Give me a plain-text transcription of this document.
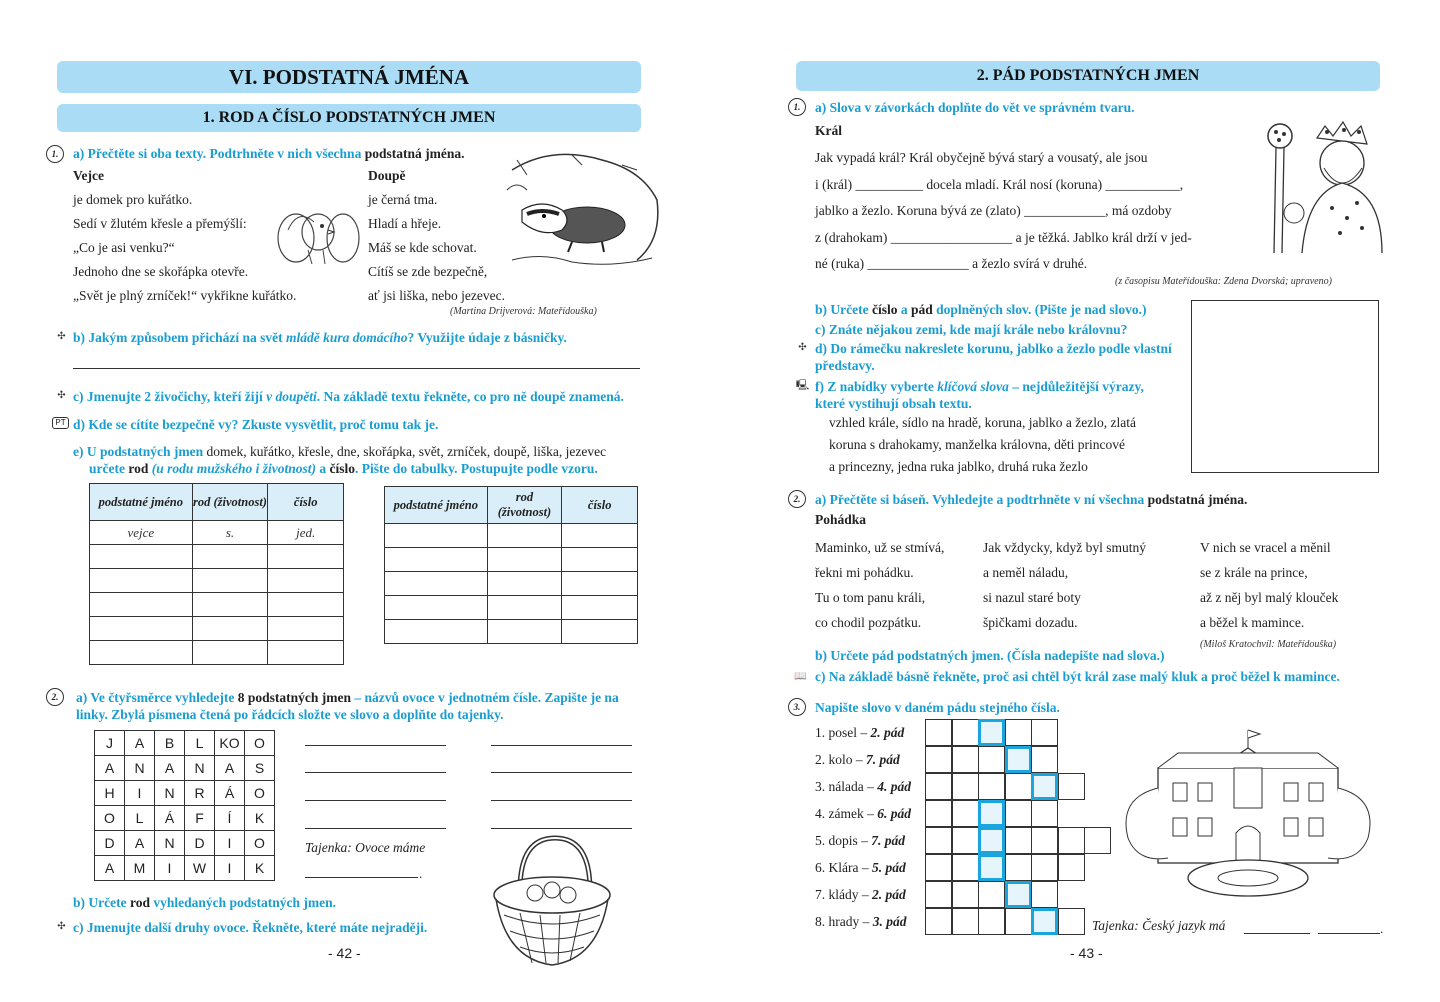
VI. PODSTATNÁ JMÉNA
1. ROD A ČÍSLO PODSTATNÝCH JMEN
1.	a) Přečtěte si oba texty. Podtrhněte v nich všechna podstatná jména.
Vejce
je domek pro kuřátko.
Sedí v žlutém křesle a přemýšlí:
„Co je asi venku?“
Jednoho dne se skořápka otevře.
„Svět je plný zrníček!“ vykřikne kuřátko.
Doupě
je černá tma.
Hladí a hřeje.
Máš se kde schovat.
Cítíš se zde bezpečně,
ať jsi liška, nebo jezevec.
(Martina Drijverová: Mateřídouška)
✣ b) Jakým způsobem přichází na svět mládě kura domácího? Využijte údaje z básničky.
✣ c) Jmenujte 2 živočichy, kteří žijí v doupěti. Na základě textu řekněte, co pro ně doupě znamená.
PT d) Kde se cítíte bezpečně vy? Zkuste vysvětlit, proč tomu tak je.
e) U podstatných jmen domek, kuřátko, křesle, dne, skořápka, svět, zrníček, doupě, liška, jezevec
určete rod (u rodu mužského i životnost) a číslo. Pište do tabulky. Postupujte podle vzoru.
podstatné jméno	rod (životnost)	číslo
vejce	s.	jed.

podstatné jméno	rod (životnost)	číslo

2.	a) Ve čtyřsměrce vyhledejte 8 podstatných jmen – názvů ovoce v jednotném čísle. Zapište je na linky. Zbylá písmena čtená po řádcích složte ve slovo a doplňte do tajenky.
J	A	B	L	KO	O
A	N	A	N	A	S
H	I	N	R	Á	O
O	L	Á	F	Í	K
D	A	N	D	I	O
A	M	I	W	I	K
Tajenka: Ovoce máme
.
b) Určete rod vyhledaných podstatných jmen.
✣ c) Jmenujte další druhy ovoce. Řekněte, které máte nejraději.
- 42 -
2. PÁD PODSTATNÝCH JMEN
1.	a) Slova v závorkách doplňte do vět ve správném tvaru.
Král
Jak vypadá král? Král obyčejně bývá starý a vousatý, ale jsou
i (král) __________ docela mladí. Král nosí (koruna) ___________,
jablko a žezlo. Koruna bývá ze (zlato) ____________, má ozdoby
z (drahokam) __________________ a je těžká. Jablko král drží v jed-
né (ruka) _______________ a žezlo svírá v druhé.
(z časopisu Mateřídouška: Zdena Dvorská; upraveno)
b) Určete číslo a pád doplněných slov. (Pište je nad slovo.)
c) Znáte nějakou zemi, kde mají krále nebo královnu?
✣ d) Do rámečku nakreslete korunu, jablko a žezlo podle vlastní představy.
🖳 f) Z nabídky vyberte klíčová slova – nejdůležitější výrazy, které vystihují obsah textu.
vzhled krále, sídlo na hradě, koruna, jablko a žezlo, zlatá
koruna s drahokamy, manželka královna, děti princové
a princezny, jedna ruka jablko, druhá ruka žezlo
2.	a) Přečtěte si báseň. Vyhledejte a podtrhněte v ní všechna podstatná jména.
Pohádka
Maminko, už se stmívá,
řekni mi pohádku.
Tu o tom panu králi,
co chodil pozpátku.
Jak vždycky, když byl smutný
a neměl náladu,
si nazul staré boty
špičkami dozadu.
V nich se vracel a měnil
se z krále na prince,
až z něj byl malý klouček
a běžel k mamince.
(Miloš Kratochvíl: Mateřídouška)
b) Určete pád podstatných jmen. (Čísla nadepište nad slova.)
📖 c) Na základě básně řekněte, proč asi chtěl být král zase malý kluk a proč běžel k mamince.
3.	Napište slovo v daném pádu stejného čísla.
1. posel – 2. pád
2. kolo – 7. pád
3. nálada – 4. pád
4. zámek – 6. pád
5. dopis – 7. pád
6. Klára – 5. pád
7. klády – 2. pád
8. hrady – 3. pád	Tajenka: Český jazyk má	.
- 43 -
